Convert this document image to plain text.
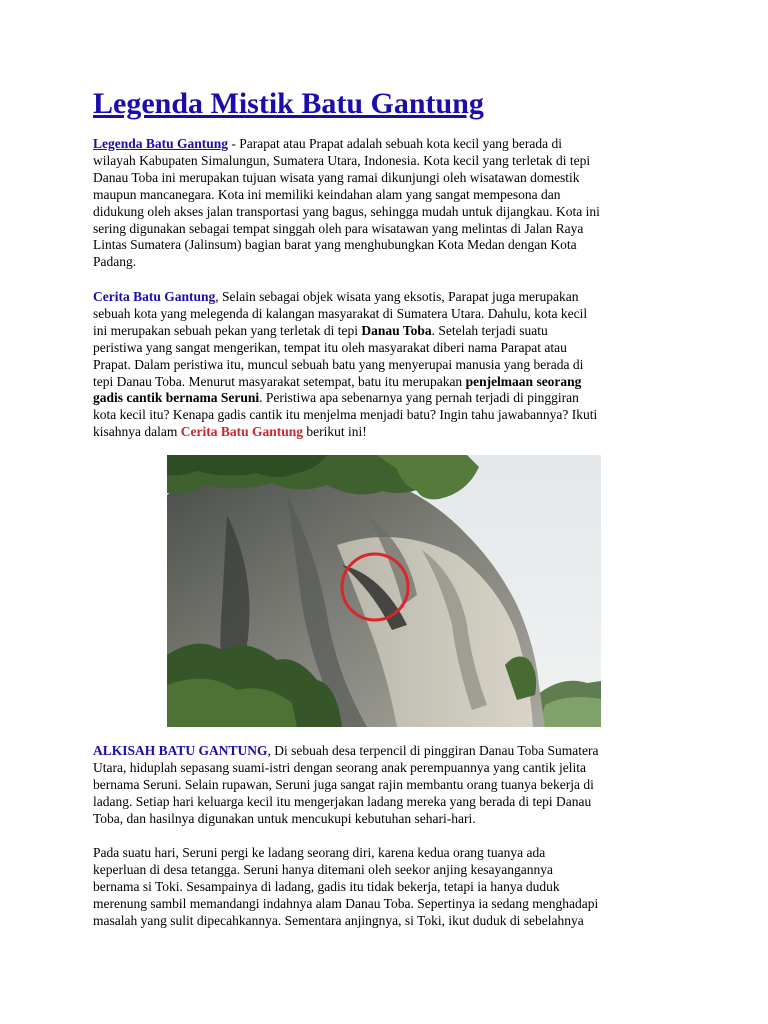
Legenda Mistik Batu Gantung
Legenda Batu Gantung - Parapat atau Prapat adalah sebuah kota kecil yang berada di
wilayah Kabupaten Simalungun, Sumatera Utara, Indonesia. Kota kecil yang terletak di tepi
Danau Toba ini merupakan tujuan wisata yang ramai dikunjungi oleh wisatawan domestik
maupun mancanegara. Kota ini memiliki keindahan alam yang sangat mempesona dan
didukung oleh akses jalan transportasi yang bagus, sehingga mudah untuk dijangkau. Kota ini
sering digunakan sebagai tempat singgah oleh para wisatawan yang melintas di Jalan Raya
Lintas Sumatera (Jalinsum) bagian barat yang menghubungkan Kota Medan dengan Kota
Padang.
Cerita Batu Gantung, Selain sebagai objek wisata yang eksotis, Parapat juga merupakan
sebuah kota yang melegenda di kalangan masyarakat di Sumatera Utara. Dahulu, kota kecil
ini merupakan sebuah pekan yang terletak di tepi Danau Toba. Setelah terjadi suatu
peristiwa yang sangat mengerikan, tempat itu oleh masyarakat diberi nama Parapat atau
Prapat. Dalam peristiwa itu, muncul sebuah batu yang menyerupai manusia yang berada di
tepi Danau Toba. Menurut masyarakat setempat, batu itu merupakan penjelmaan seorang
gadis cantik bernama Seruni. Peristiwa apa sebenarnya yang pernah terjadi di pinggiran
kota kecil itu? Kenapa gadis cantik itu menjelma menjadi batu? Ingin tahu jawabannya? Ikuti
kisahnya dalam Cerita Batu Gantung berikut ini!
ALKISAH BATU GANTUNG, Di sebuah desa terpencil di pinggiran Danau Toba Sumatera
Utara, hiduplah sepasang suami-istri dengan seorang anak perempuannya yang cantik jelita
bernama Seruni. Selain rupawan, Seruni juga sangat rajin membantu orang tuanya bekerja di
ladang. Setiap hari keluarga kecil itu mengerjakan ladang mereka yang berada di tepi Danau
Toba, dan hasilnya digunakan untuk mencukupi kebutuhan sehari-hari.
Pada suatu hari, Seruni pergi ke ladang seorang diri, karena kedua orang tuanya ada
keperluan di desa tetangga. Seruni hanya ditemani oleh seekor anjing kesayangannya
bernama si Toki. Sesampainya di ladang, gadis itu tidak bekerja, tetapi ia hanya duduk
merenung sambil memandangi indahnya alam Danau Toba. Sepertinya ia sedang menghadapi
masalah yang sulit dipecahkannya. Sementara anjingnya, si Toki, ikut duduk di sebelahnya
